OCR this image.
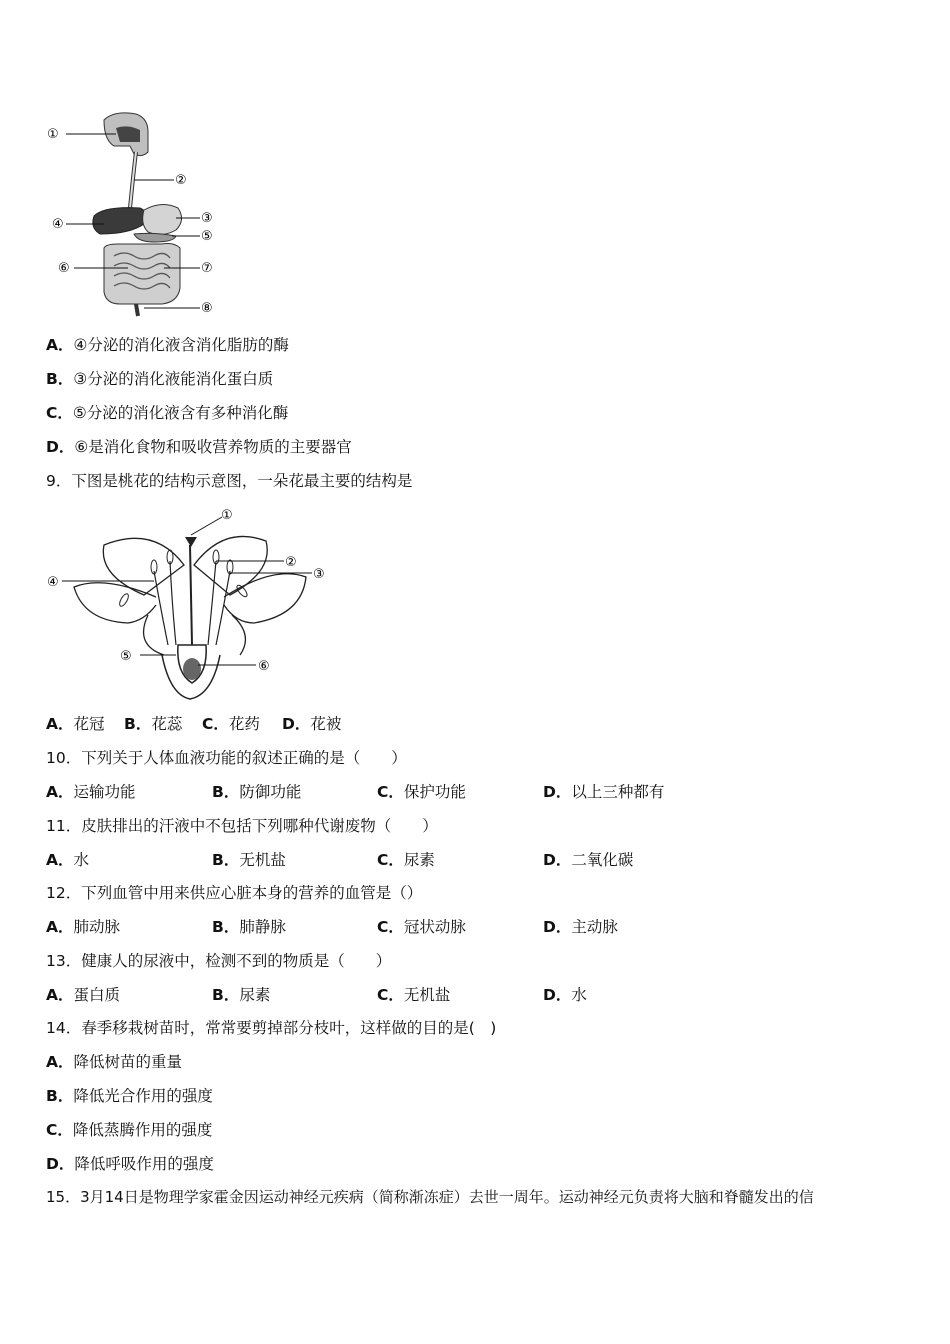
①
②
③
④
⑤
⑥	⑦
⑧
A．④分泌的消化液含消化脂肪的酶
B．③分泌的消化液能消化蛋白质
C．⑤分泌的消化液含有多种消化酶
D．⑥是消化食物和吸收营养物质的主要器官
9．下图是桃花的结构示意图，一朵花最主要的结构是
①
②
③
④
⑤
⑥
A．花冠 B．花蕊 C．花药 D．花被
10．下列关于人体血液功能的叙述正确的是（　　）
A．运输功能	B．防御功能	C．保护功能	D．以上三种都有
11．皮肤排出的汗液中不包括下列哪种代谢废物（　　）
A．水	B．无机盐	C．尿素	D．二氧化碳
12．下列血管中用来供应心脏本身的营养的血管是（）
A．肺动脉	B．肺静脉	C．冠状动脉	D．主动脉
13．健康人的尿液中，检测不到的物质是（　　）
A．蛋白质	B．尿素	C．无机盐	D．水
14．春季移栽树苗时，常常要剪掉部分枝叶，这样做的目的是(　)
A．降低树苗的重量
B．降低光合作用的强度
C．降低蒸腾作用的强度
D．降低呼吸作用的强度
15．3月14日是物理学家霍金因运动神经元疾病（简称渐冻症）去世一周年。运动神经元负责将大脑和脊髓发出的信
